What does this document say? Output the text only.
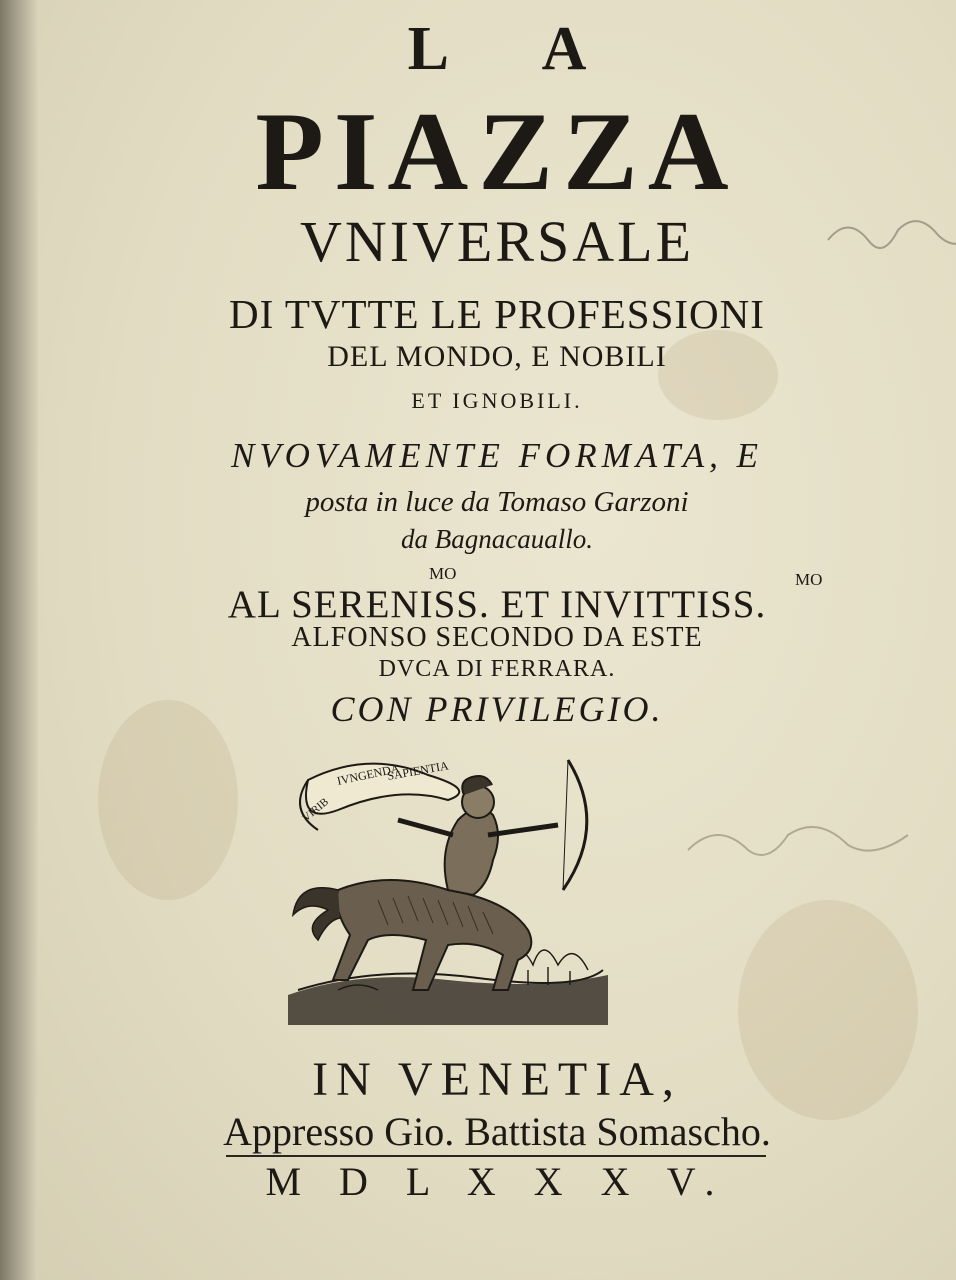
L A
PIAZZA
VNIVERSALE
DI TVTTE LE PROFESSIONI
DEL MONDO, E NOBILI
ET IGNOBILI.
NVOVAMENTE FORMATA, E
posta in luce da Tomaso Garzoni
da Bagnacauallo.
MO
AL SERENISS. ET INVITTISS.
MO
ALFONSO SECONDO DA ESTE
DVCA DI FERRARA.
CON PRIVILEGIO.
IVNGENDA
SAPIENTIA
VIRIB
IN VENETIA,
Appresso Gio. Battista Somascho.
M D L X X X V.
